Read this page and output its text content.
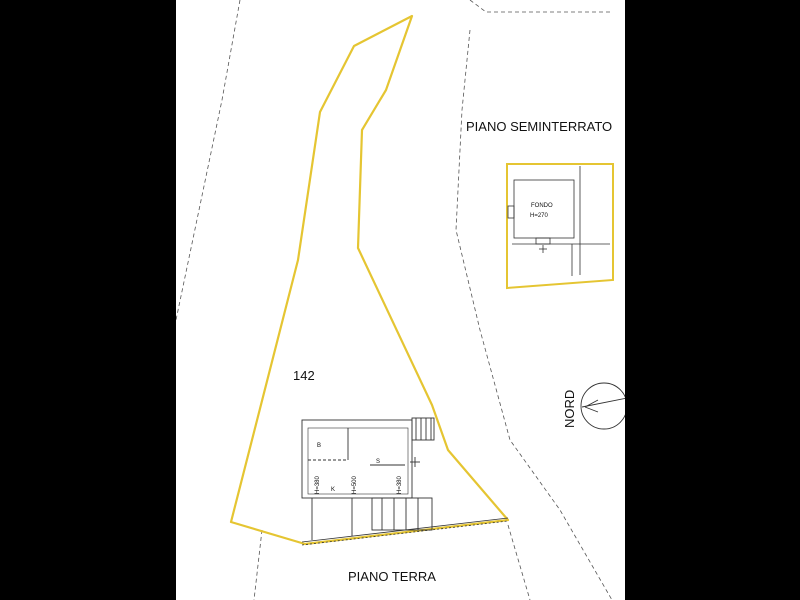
FONDO
H=270
142
PIANO SEMINTERRATO
PIANO TERRA
NORD
B
S
K
H=380	H=500	H=380
